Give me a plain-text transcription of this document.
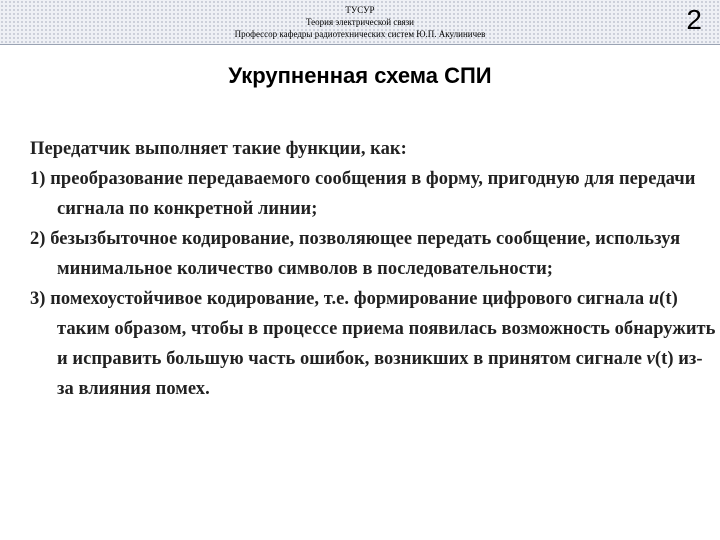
ТУСУР
Теория электрической связи
Профессор кафедры радиотехнических систем Ю.П. Акулиничев	2
Укрупненная схема СПИ
Передатчик выполняет такие функции, как:
1) преобразование передаваемого сообщения в форму, пригодную для передачи сигнала по конкретной линии;
2) безызбыточное кодирование, позволяющее передать сообщение, используя минимальное количество символов в последовательности;
3) помехоустойчивое кодирование, т.е. формирование цифрового сигнала u(t) таким образом, чтобы в процессе приема появилась возможность обнаружить и исправить большую часть ошибок, возникших в принятом сигнале v(t) из-за влияния помех.
